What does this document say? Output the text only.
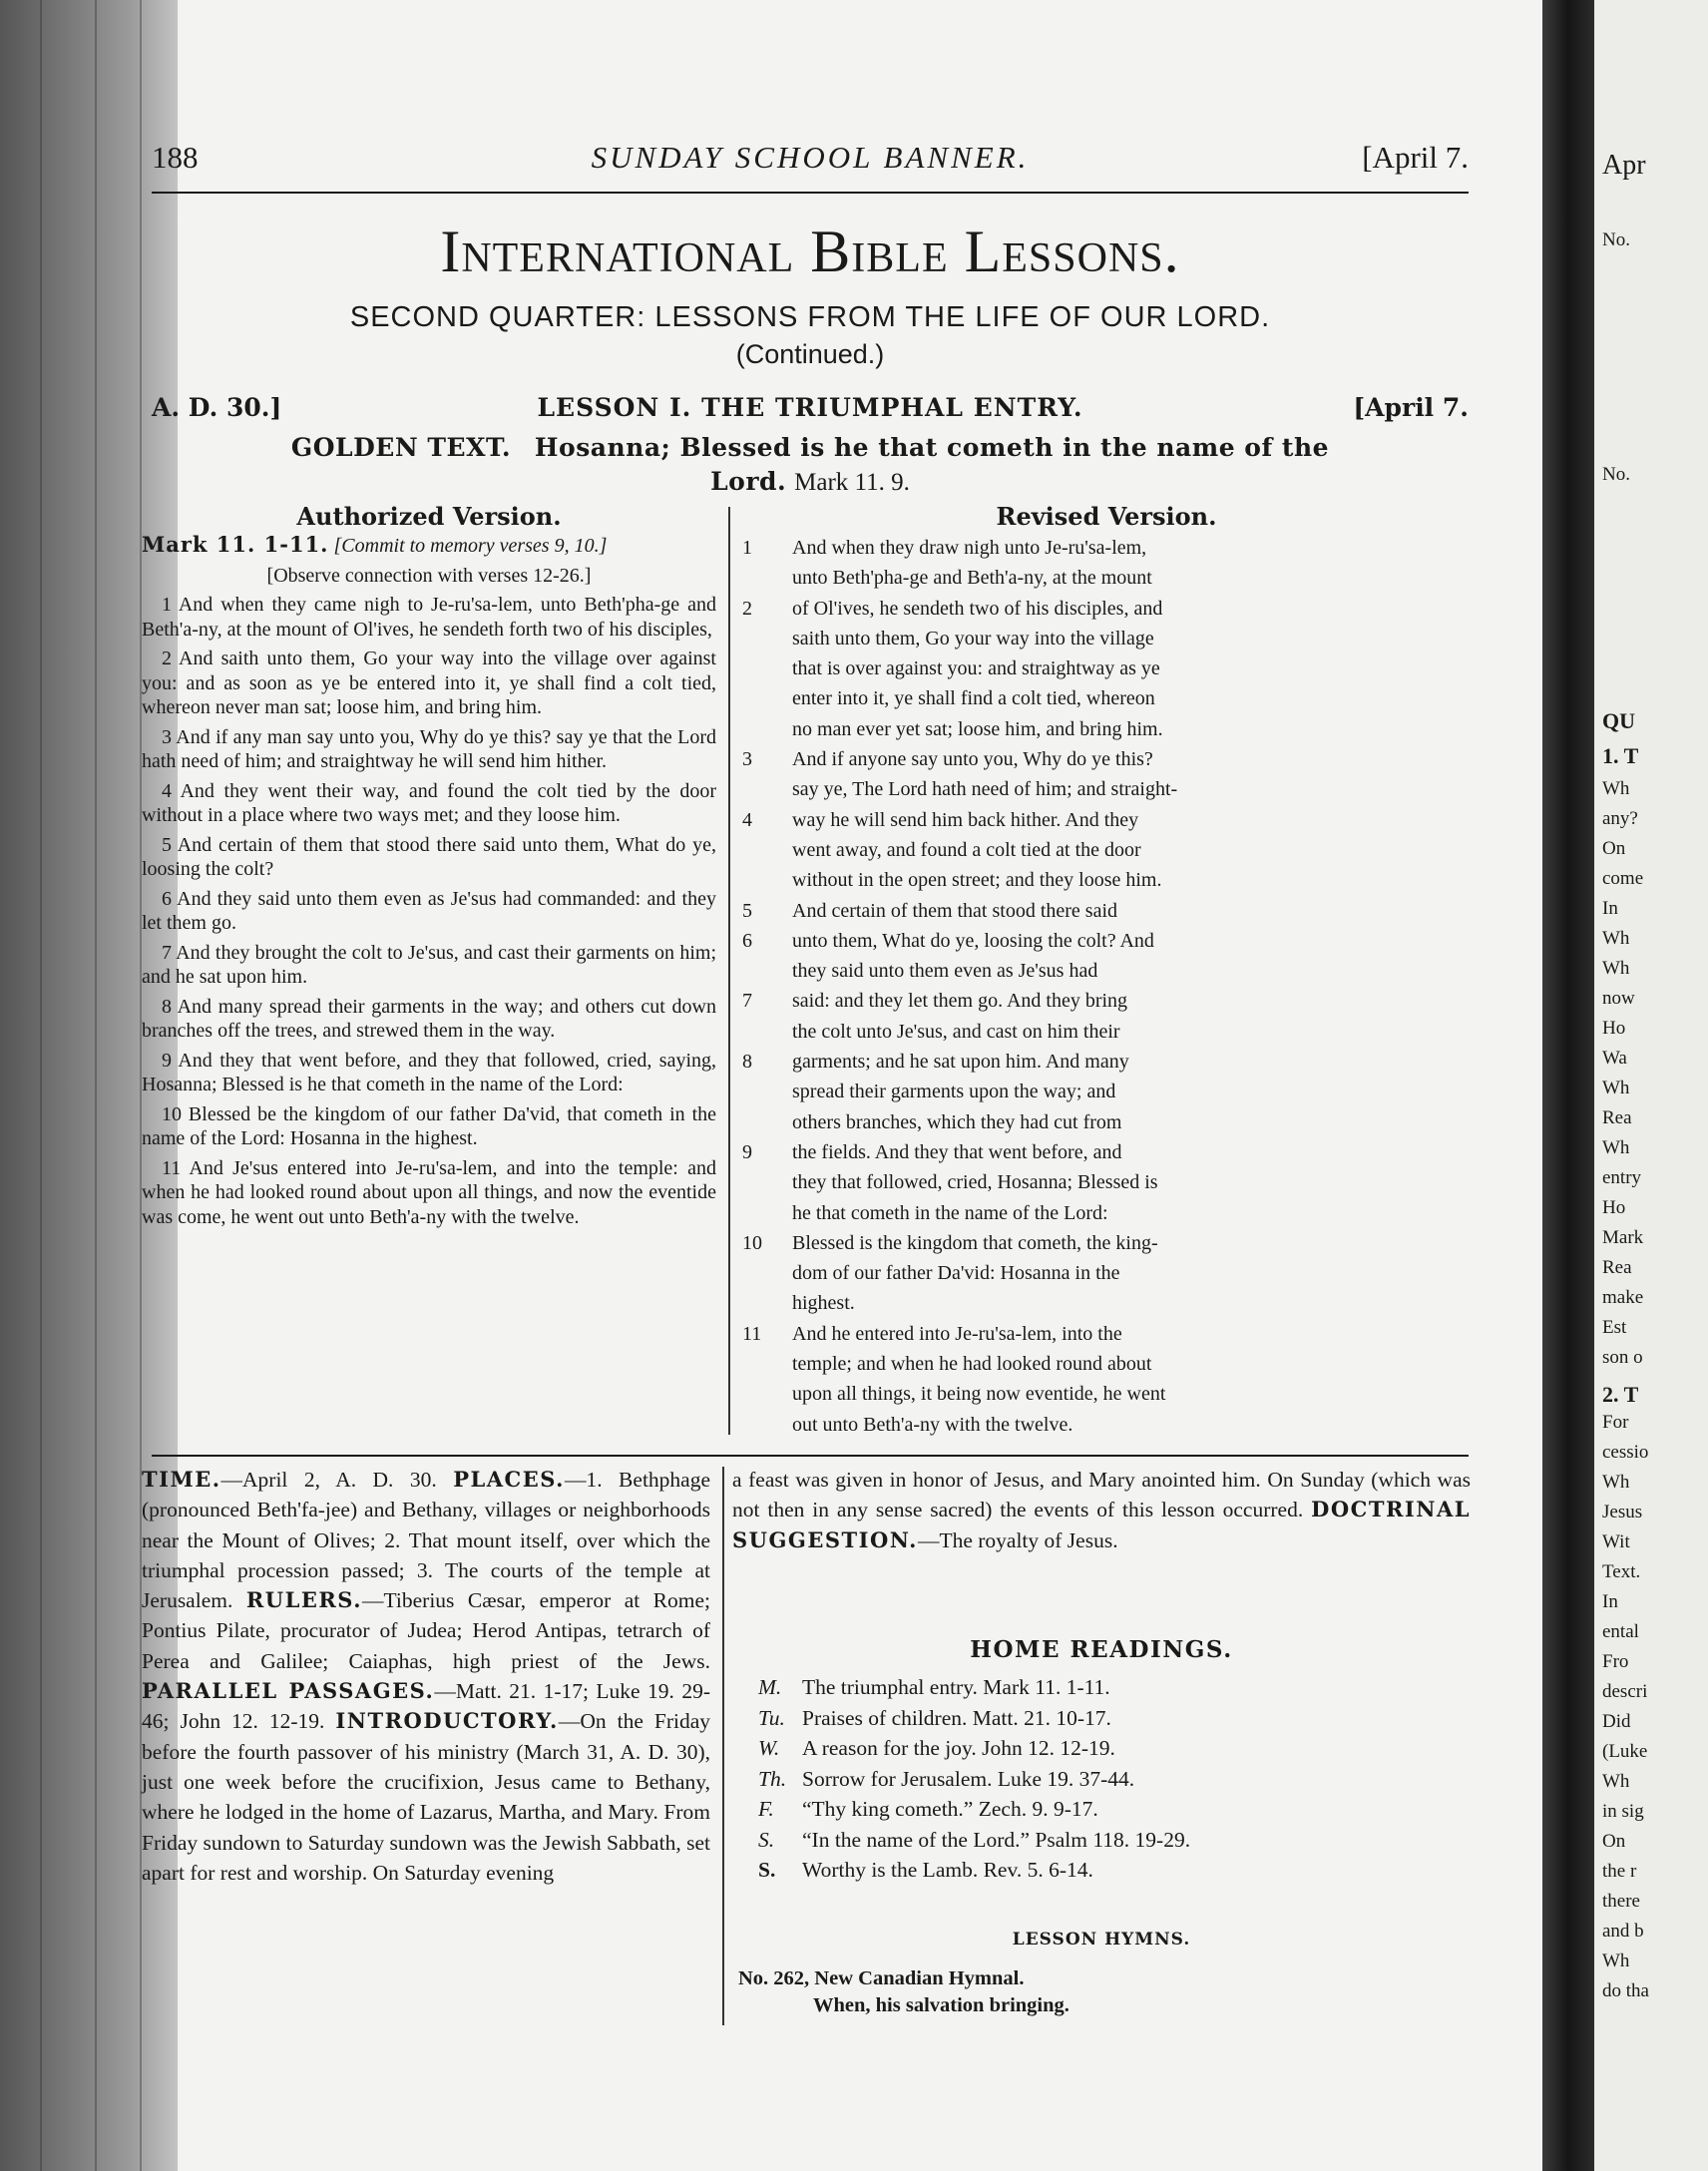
Apr
No.
No.
QU
1. T
Wh
any?
On
come
In
Wh
Wh
now
Ho
Wa
Wh
Rea
Wh
entry
Ho
Mark
Rea
make
Est
son o
2. T
For
cessio
Wh
Jesus
Wit
Text.
In
ental
Fro
descri
Did
(Luke
Wh
in sig
On
the r
there
and b
Wh
do tha
188	SUNDAY SCHOOL BANNER.	[April 7.
International Bible Lessons.
SECOND QUARTER: LESSONS FROM THE LIFE OF OUR LORD.
(Continued.)
A. D. 30.]	LESSON I. THE TRIUMPHAL ENTRY.	[April 7.
GOLDEN TEXT. Hosanna; Blessed is he that cometh in the name of the
Lord. Mark 11. 9.
Authorized Version.	Revised Version.

Mark 11. 1-11. [Commit to memory verses 9, 10.]

[Observe connection with verses 12-26.]

1 And when they came nigh to Je-ru'sa-lem, unto Beth'pha-ge and Beth'a-ny, at the mount of Ol'ives, he sendeth forth two of his disciples,

2 And saith unto them, Go your way into the village over against you: and as soon as ye be entered into it, ye shall find a colt tied, whereon never man sat; loose him, and bring him.

3 And if any man say unto you, Why do ye this? say ye that the Lord hath need of him; and straightway he will send him hither.

4 And they went their way, and found the colt tied by the door without in a place where two ways met; and they loose him.

5 And certain of them that stood there said unto them, What do ye, loosing the colt?

6 And they said unto them even as Je'sus had commanded: and they let them go.

7 And they brought the colt to Je'sus, and cast their garments on him; and he sat upon him.

8 And many spread their garments in the way; and others cut down branches off the trees, and strewed them in the way.

9 And they that went before, and they that followed, cried, saying, Hosanna; Blessed is he that cometh in the name of the Lord:

10 Blessed be the kingdom of our father Da'vid, that cometh in the name of the Lord: Hosanna in the highest.

11 And Je'sus entered into Je-ru'sa-lem, and into the temple: and when he had looked round about upon all things, and now the eventide was come, he went out unto Beth'a-ny with the twelve.

1	And when they draw nigh unto Je-ru'sa-lem,
unto Beth'pha-ge and Beth'a-ny, at the mount
2	of Ol'ives, he sendeth two of his disciples, and
saith unto them, Go your way into the village
that is over against you: and straightway as ye
enter into it, ye shall find a colt tied, whereon
no man ever yet sat; loose him, and bring him.
3	And if anyone say unto you, Why do ye this?
say ye, The Lord hath need of him; and straight-
4	way he will send him back hither. And they
went away, and found a colt tied at the door
without in the open street; and they loose him.
5	And certain of them that stood there said
6	unto them, What do ye, loosing the colt? And
they said unto them even as Je'sus had
7	said: and they let them go. And they bring
the colt unto Je'sus, and cast on him their
8	garments; and he sat upon him. And many
spread their garments upon the way; and
others branches, which they had cut from
9	the fields. And they that went before, and
they that followed, cried, Hosanna; Blessed is
he that cometh in the name of the Lord:
10 Blessed is the kingdom that cometh, the king-
dom of our father Da'vid: Hosanna in the
highest.
11 And he entered into Je-ru'sa-lem, into the
temple; and when he had looked round about
upon all things, it being now eventide, he went
out unto Beth'a-ny with the twelve.
TIME.—April 2, A. D. 30. PLACES.—1. Bethphage (pronounced Beth'fa-jee) and Bethany, villages or neighborhoods near the Mount of Olives; 2. That mount itself, over which the triumphal procession passed; 3. The courts of the temple at Jerusalem. RULERS.—Tiberius Cæsar, emperor at Rome; Pontius Pilate, procurator of Judea; Herod Antipas, tetrarch of Perea and Galilee; Caiaphas, high priest of the Jews. PARALLEL PASSAGES.—Matt. 21. 1-17; Luke 19. 29-46; John 12. 12-19. INTRODUCTORY.—On the Friday before the fourth passover of his ministry (March 31, A. D. 30), just one week before the crucifixion, Jesus came to Bethany, where he lodged in the home of Lazarus, Martha, and Mary. From Friday sundown to Saturday sundown was the Jewish Sabbath, set apart for rest and worship. On Saturday evening
a feast was given in honor of Jesus, and Mary anointed him. On Sunday (which was not then in any sense sacred) the events of this lesson occurred. DOCTRINAL SUGGESTION.—The royalty of Jesus.
HOME READINGS.
M. The triumphal entry. Mark 11. 1-11.
Tu. Praises of children. Matt. 21. 10-17.
W.	A reason for the joy. John 12. 12-19.
Th. Sorrow for Jerusalem. Luke 19. 37-44.
F.	“Thy king cometh.” Zech. 9. 9-17.
S.	“In the name of the Lord.” Psalm 118. 19-29.
S.	Worthy is the Lamb. Rev. 5. 6-14.
LESSON HYMNS.
No. 262, New Canadian Hymnal.
When, his salvation bringing.
